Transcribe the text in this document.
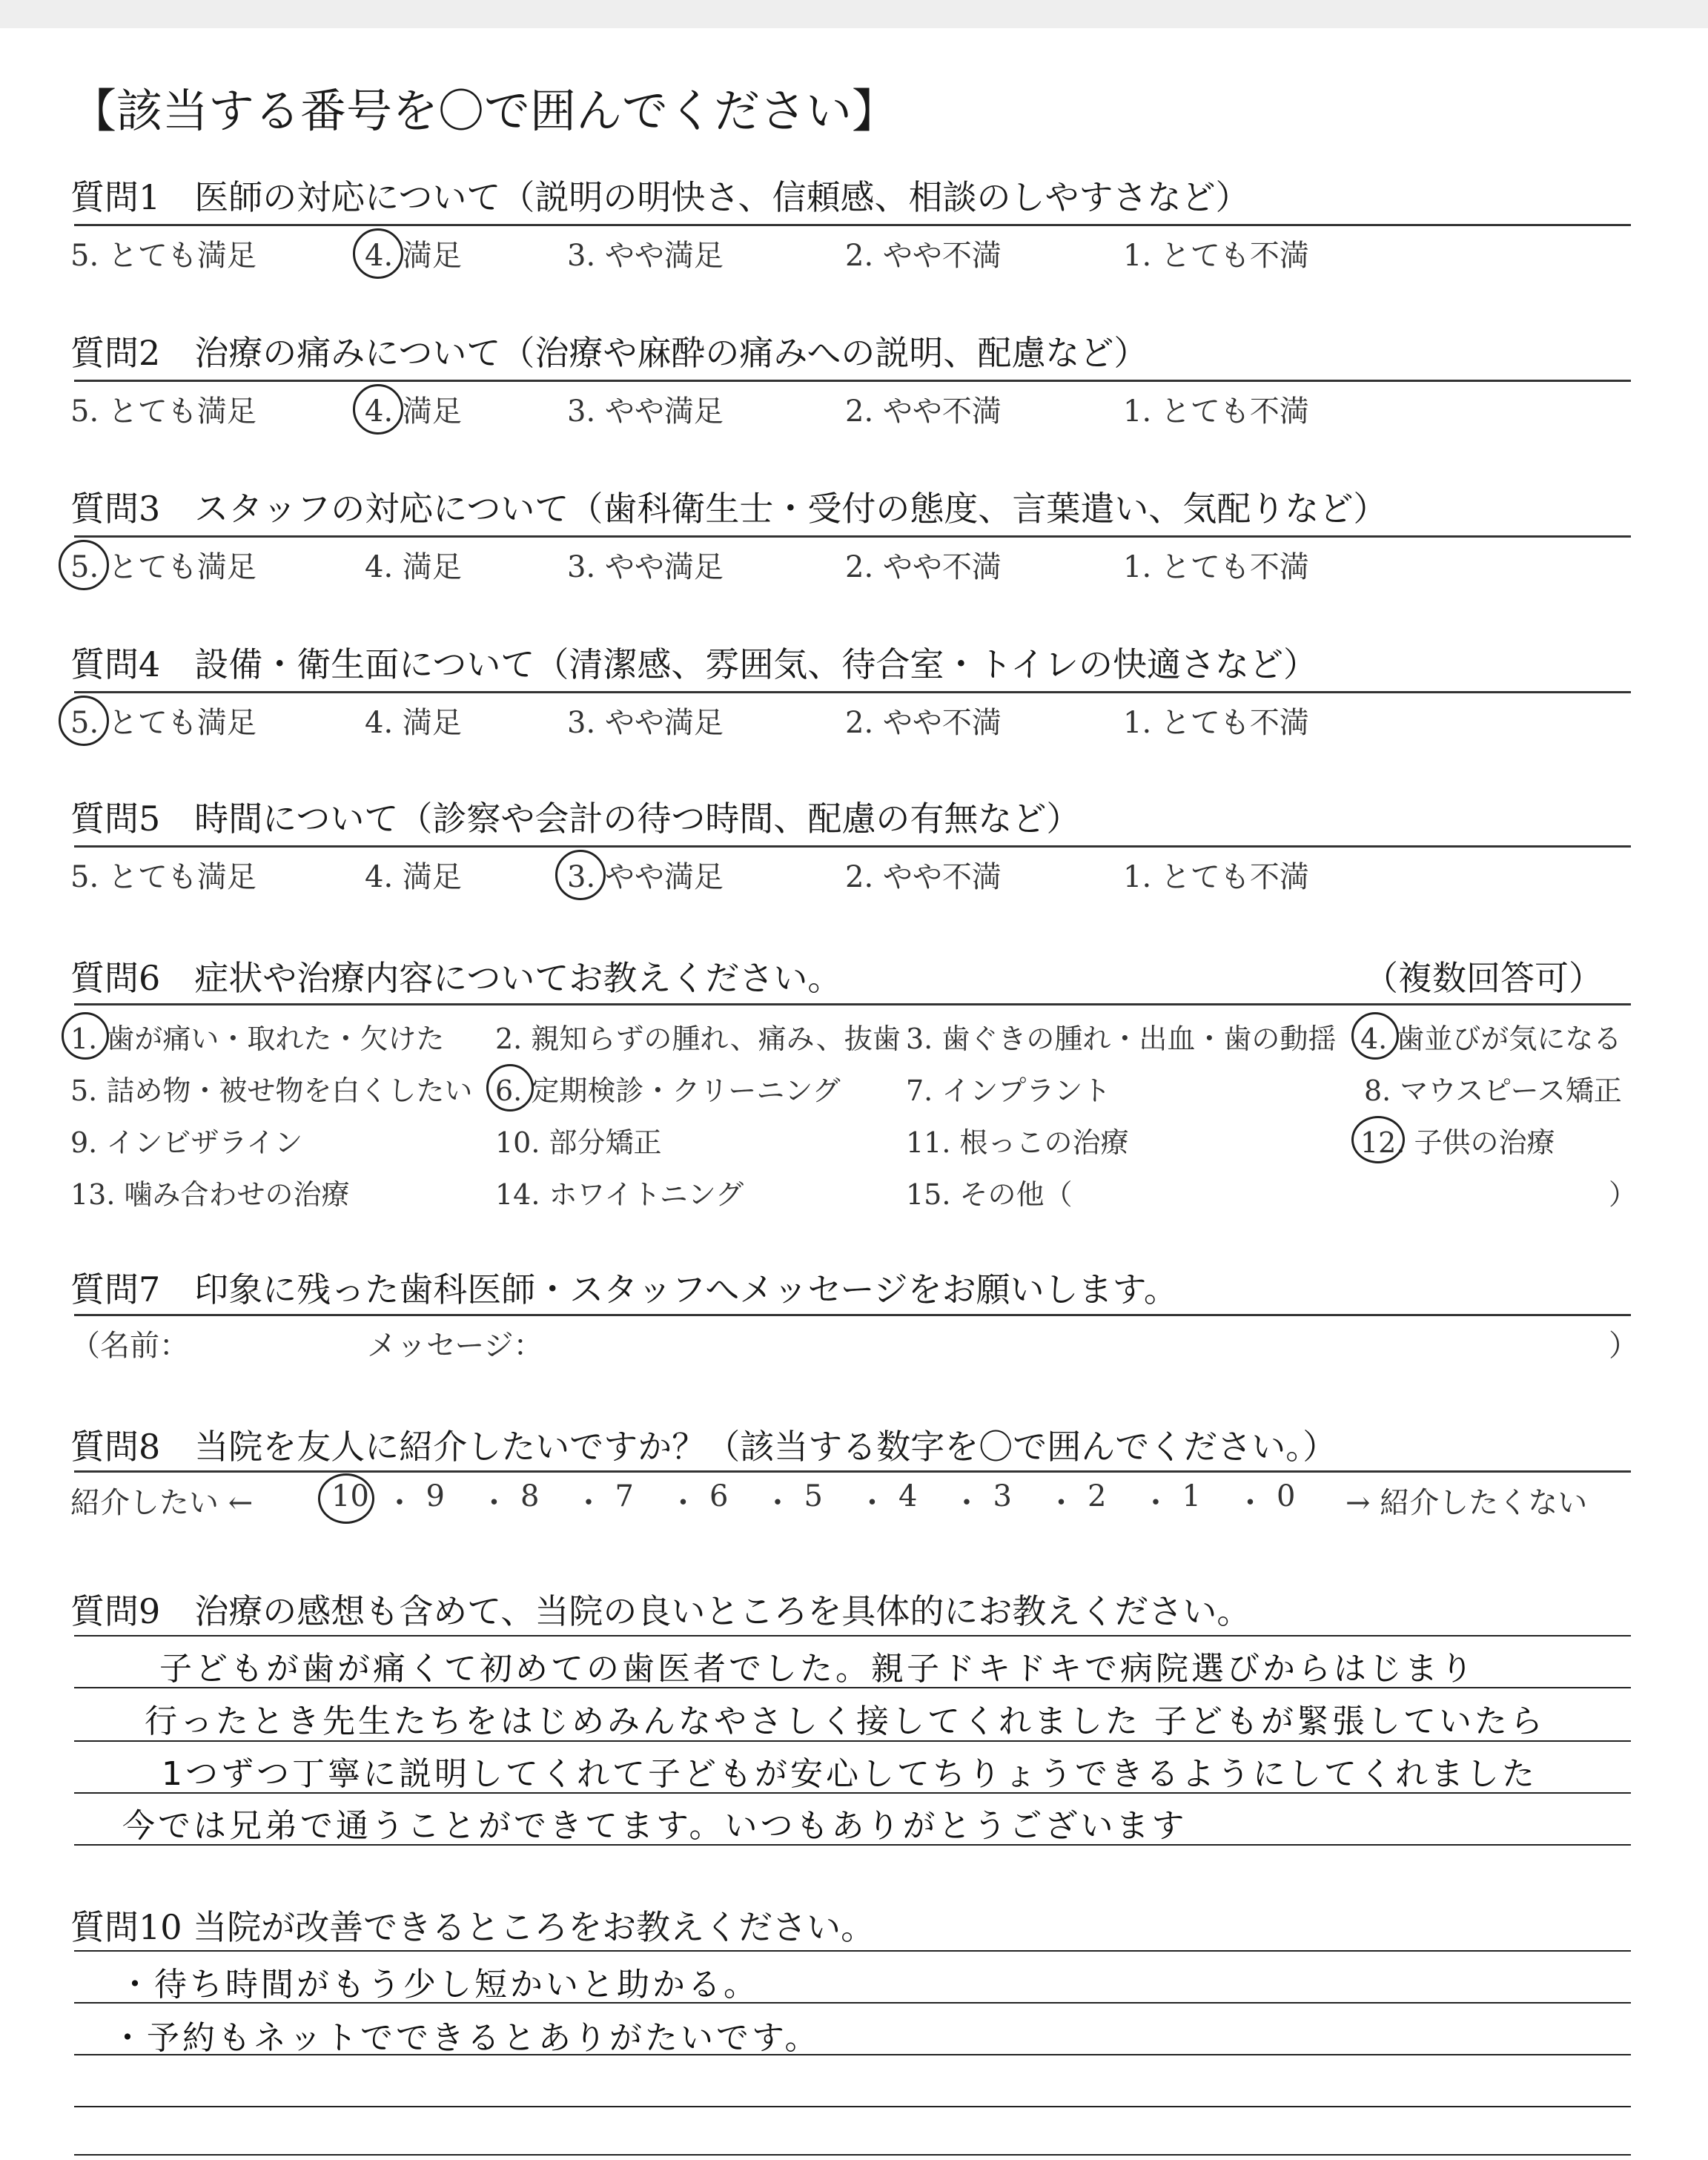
【該当する番号を〇で囲んでください】
質問1　医師の対応について（説明の明快さ、信頼感、相談のしやすさなど）
5. とても満足	4. 満足	3. やや満足	2. やや不満	1. とても不満
質問2　治療の痛みについて（治療や麻酔の痛みへの説明、配慮など）
5. とても満足	4. 満足	3. やや満足	2. やや不満	1. とても不満
質問3　スタッフの対応について（歯科衛生士・受付の態度、言葉遣い、気配りなど）
5. とても満足	4. 満足	3. やや満足	2. やや不満	1. とても不満
質問4　設備・衛生面について（清潔感、雰囲気、待合室・トイレの快適さなど）
5. とても満足	4. 満足	3. やや満足	2. やや不満	1. とても不満
質問5　時間について（診察や会計の待つ時間、配慮の有無など）
5. とても満足	4. 満足	3. やや満足	2. やや不満	1. とても不満
質問6　症状や治療内容についてお教えください。	（複数回答可）
1. 歯が痛い・取れた・欠けた 2. 親知らずの腫れ、痛み、抜歯 3. 歯ぐきの腫れ・出血・歯の動揺 4. 歯並びが気になる
5. 詰め物・被せ物を白くしたい 6. 定期検診・クリーニング 7. インプラント	8. マウスピース矯正
9. インビザライン	10. 部分矯正	11. 根っこの治療	12. 子供の治療
13. 噛み合わせの治療	14. ホワイトニング	15. その他（	）
質問7　印象に残った歯科医師・スタッフへメッセージをお願いします。
（名前：	メッセージ：	）
質問8　当院を友人に紹介したいですか？（該当する数字を〇で囲んでください。）
紹介したい ←	10 ・ 9 ・ 8 ・ 7 ・ 6 ・ 5 ・ 4 ・ 3 ・ 2 ・ 1 ・ 0 → 紹介したくない
質問9　治療の感想も含めて、当院の良いところを具体的にお教えください。
子どもが歯が痛くて初めての歯医者でした。親子ドキドキで病院選びからはじまり
行ったとき先生たちをはじめみんなやさしく接してくれました 子どもが緊張していたら
1つずつ丁寧に説明してくれて子どもが安心してちりょうできるようにしてくれました
今では兄弟で通うことができてます。いつもありがとうございます
質問10 当院が改善できるところをお教えください。
・待ち時間がもう少し短かいと助かる。
・予約もネットでできるとありがたいです。
